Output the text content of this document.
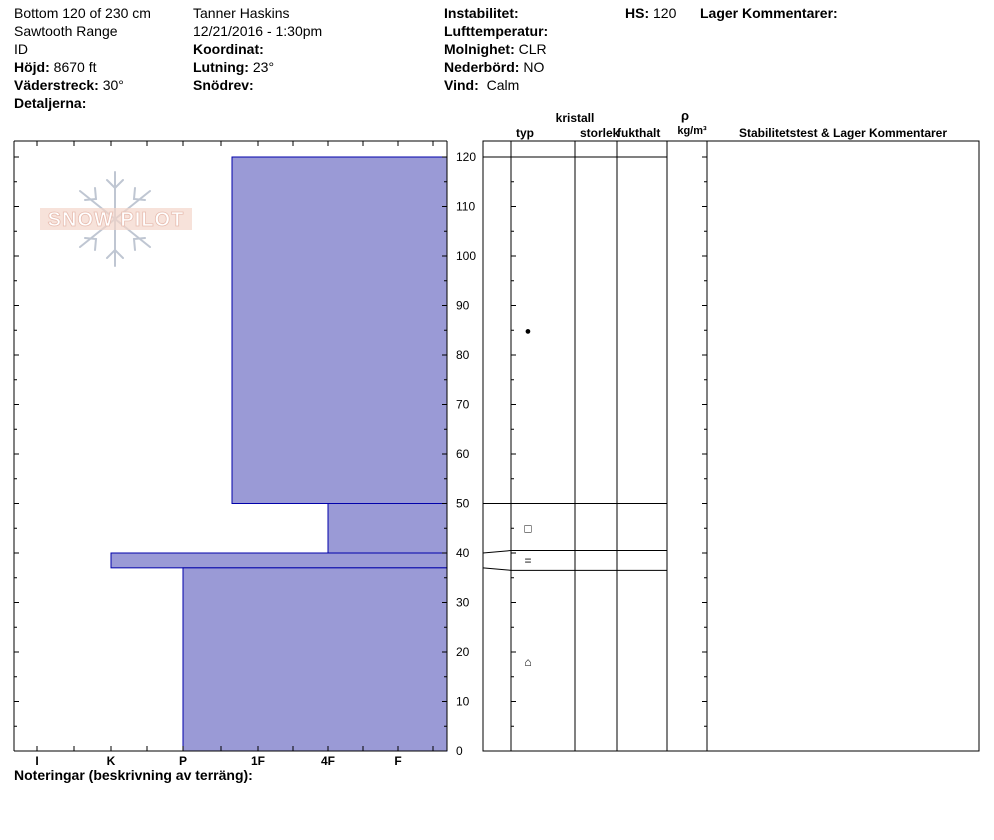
Bottom 120 of 230 cm
Sawtooth Range
ID
Höjd: 8670 ft
Väderstreck: 30°
Detaljerna:
Tanner Haskins
12/21/2016 - 1:30pm
Koordinat:
Lutning: 23°
Snödrev:
Instabilitet:
Lufttemperatur:
Molnighet: CLR
Nederbörd: NO
Vind: Calm
HS: 120 Lager Kommentarer:
Noteringar (beskrivning av terräng):
SNOW PILOT
0
10
20
30
40
50
60
70
80
90
100
110
120
I	K	P	1F	4F	F
●
□
=
⌂
kristall
typ	storlek
fukthalt
ρ
kg/m³	Stabilitetstest & Lager Kommentarer
